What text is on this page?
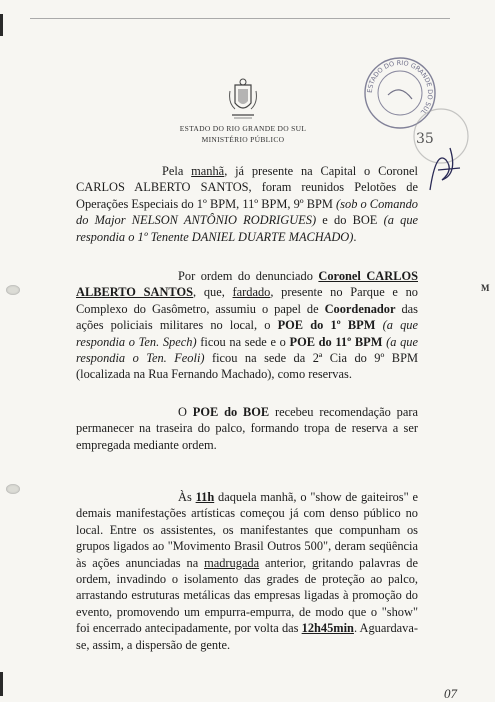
ESTADO DO RIO GRANDE DO SUL
MINISTÉRIO PÚBLICO
ESTADO DO RIO GRANDE DO SUL
35

Pela manhã, já presente na Capital o Coronel CARLOS ALBERTO SANTOS, foram reunidos Pelotões de Operações Especiais do 1º BPM, 11º BPM, 9º BPM (sob o Comando do Major NELSON ANTÔNIO RODRIGUES) e do BOE (a que respondia o 1º Tenente DANIEL DUARTE MACHADO).

Por ordem do denunciado Coronel CARLOS ALBERTO SANTOS, que, fardado, presente no Parque e no Complexo do Gasômetro, assumiu o papel de Coordenador das ações policiais militares no local, o POE do 1º BPM (a que respondia o Ten. Spech) ficou na sede e o POE do 11º BPM (a que respondia o Ten. Feoli) ficou na sede da 2ª Cia do 9º BPM (localizada na Rua Fernando Machado), como reservas.

O POE do BOE recebeu recomendação para permanecer na traseira do palco, formando tropa de reserva a ser empregada mediante ordem.

Às 11h daquela manhã, o "show de gaiteiros" e demais manifestações artísticas começou já com denso público no local. Entre os assistentes, os manifestantes que compunham os grupos ligados ao "Movimento Brasil Outros 500", deram seqüência às ações anunciadas na madrugada anterior, gritando palavras de ordem, invadindo o isolamento das grades de proteção ao palco, arrastando estruturas metálicas das empresas ligadas à promoção do evento, promovendo um empurra-empurra, de modo que o "show" foi encerrado antecipadamente, por volta das 12h45min. Aguardava-se, assim, a dispersão de gente.

M
07
